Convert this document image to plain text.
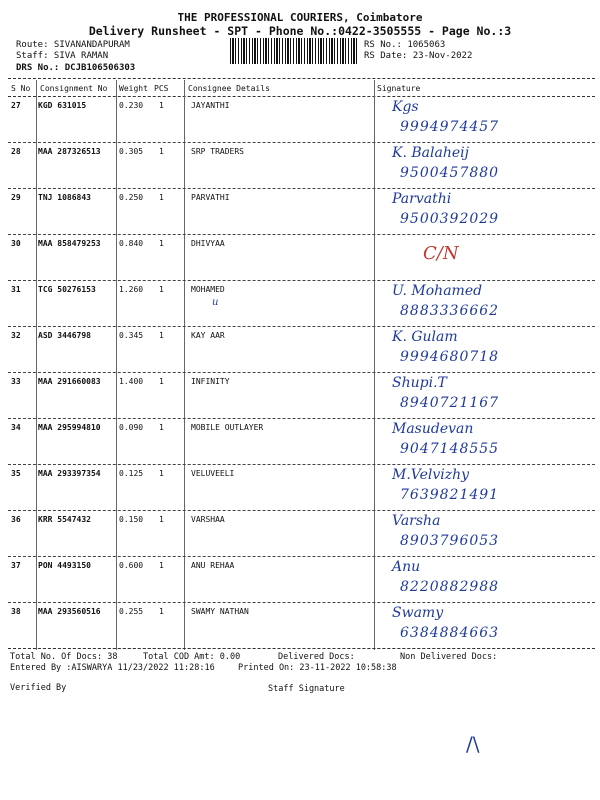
THE PROFESSIONAL COURIERS, Coimbatore
Delivery Runsheet - SPT - Phone No.:0422-3505555 - Page No.:3
Route: SIVANANDAPURAM
Staff: SIVA RAMAN
DRS No.: DCJB106506303
RS No.: 1065063
RS Date: 23-Nov-2022
S No Consignment No Weight PCS Consignee Details	Signature
27 KGD 631015	0.230 1	JAYANTHI	Kgs
9994974457
28 MAA 287326513 0.305 1	SRP TRADERS	K. Balaheij
9500457880
29 TNJ 1086843	0.250 1	PARVATHI	Parvathi
9500392029
30 MAA 858479253 0.840 1	DHIVYAA	C/N
31 TCG 50276153	1.260 1	MOHAMED
u
U. Mohamed
8883336662
32 ASD 3446798	0.345 1	KAY AAR	K. Gulam
9994680718
33 MAA 291660083 1.400 1	INFINITY	Shupi.T
8940721167
34 MAA 295994810 0.090 1	MOBILE OUTLAYER	Masudevan
9047148555
35 MAA 293397354 0.125 1	VELUVEELI	M.Velvizhy
7639821491
36 KRR 5547432	0.150 1	VARSHAA	Varsha
8903796053
37 PON 4493150	0.600 1	ANU REHAA	Anu
8220882988
38 MAA 293560516 0.255 1	SWAMY NATHAN	Swamy
6384884663
Total No. Of Docs: 38	Total COD Amt: 0.00	Delivered Docs:	Non Delivered Docs:
Entered By :AISWARYA 11/23/2022 11:28:16	Printed On: 23-11-2022 10:58:38
Verified By	Staff Signature
/\
